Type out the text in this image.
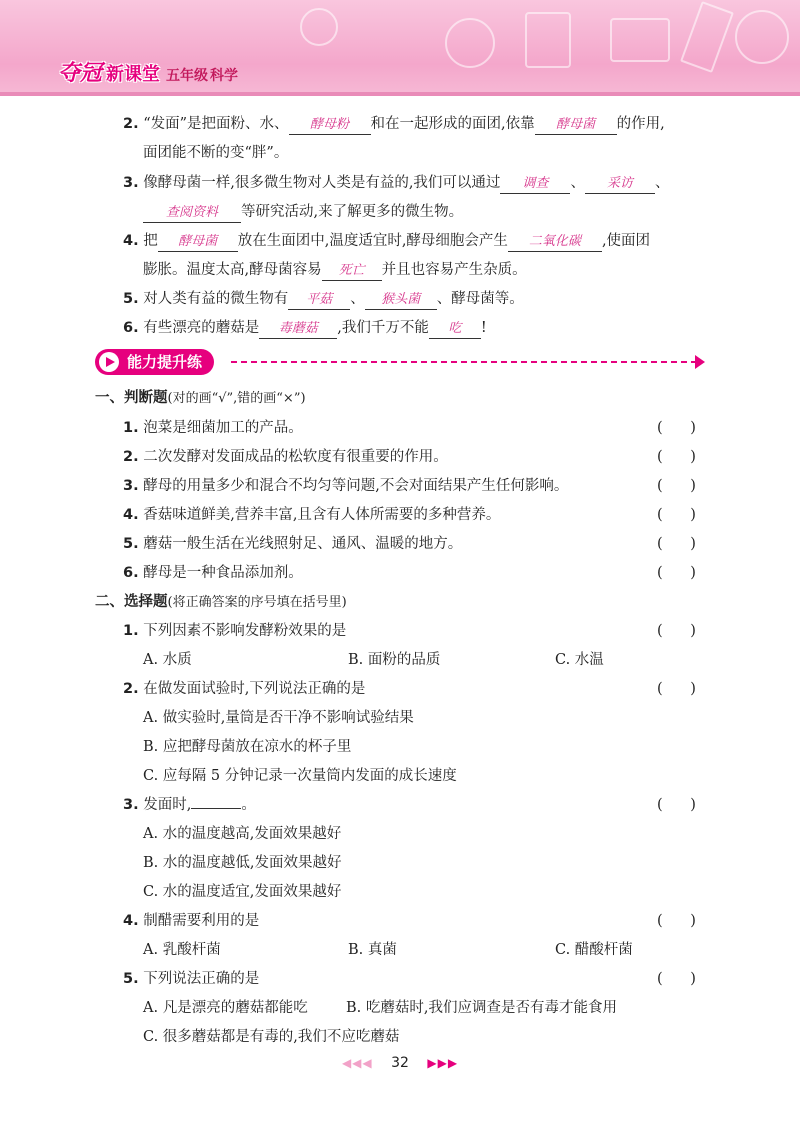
夺冠 新课堂 五年级 科学
2. “发面”是把面粉、水、 酵母粉 和在一起形成的面团,依靠 酵母菌 的作用,
面团能不断的变“胖”。
3. 像酵母菌一样,很多微生物对人类是有益的,我们可以通过 调查 、 采访 、
查阅资料 等研究活动,来了解更多的微生物。
4. 把 酵母菌 放在生面团中,温度适宜时,酵母细胞会产生 二氧化碳 ,使面团
膨胀。温度太高,酵母菌容易 死亡 并且也容易产生杂质。
5. 对人类有益的微生物有 平菇 、 猴头菌 、酵母菌等。
6. 有些漂亮的蘑菇是 毒蘑菇 ,我们千万不能 吃 !
能力提升练
一、判断题(对的画“√”,错的画“×”)
1. 泡菜是细菌加工的产品。	(      )
2. 二次发酵对发面成品的松软度有很重要的作用。	(      )
3. 酵母的用量多少和混合不均匀等问题,不会对面结果产生任何影响。	(      )
4. 香菇味道鲜美,营养丰富,且含有人体所需要的多种营养。	(      )
5. 蘑菇一般生活在光线照射足、通风、温暖的地方。	(      )
6. 酵母是一种食品添加剂。	(      )
二、选择题(将正确答案的序号填在括号里)
1. 下列因素不影响发酵粉效果的是	(      )
A. 水质	B. 面粉的品质	C. 水温
2. 在做发面试验时,下列说法正确的是	(      )
A. 做实验时,量筒是否干净不影响试验结果
B. 应把酵母菌放在凉水的杯子里
C. 应每隔 5 分钟记录一次量筒内发面的成长速度
3. 发面时,	。	(      )
A. 水的温度越高,发面效果越好
B. 水的温度越低,发面效果越好
C. 水的温度适宜,发面效果越好
4. 制醋需要利用的是	(      )
A. 乳酸杆菌	B. 真菌	C. 醋酸杆菌
5. 下列说法正确的是	(      )
A. 凡是漂亮的蘑菇都能吃	B. 吃蘑菇时,我们应调查是否有毒才能食用
C. 很多蘑菇都是有毒的,我们不应吃蘑菇
◀◀◀ 32 ▶▶▶
